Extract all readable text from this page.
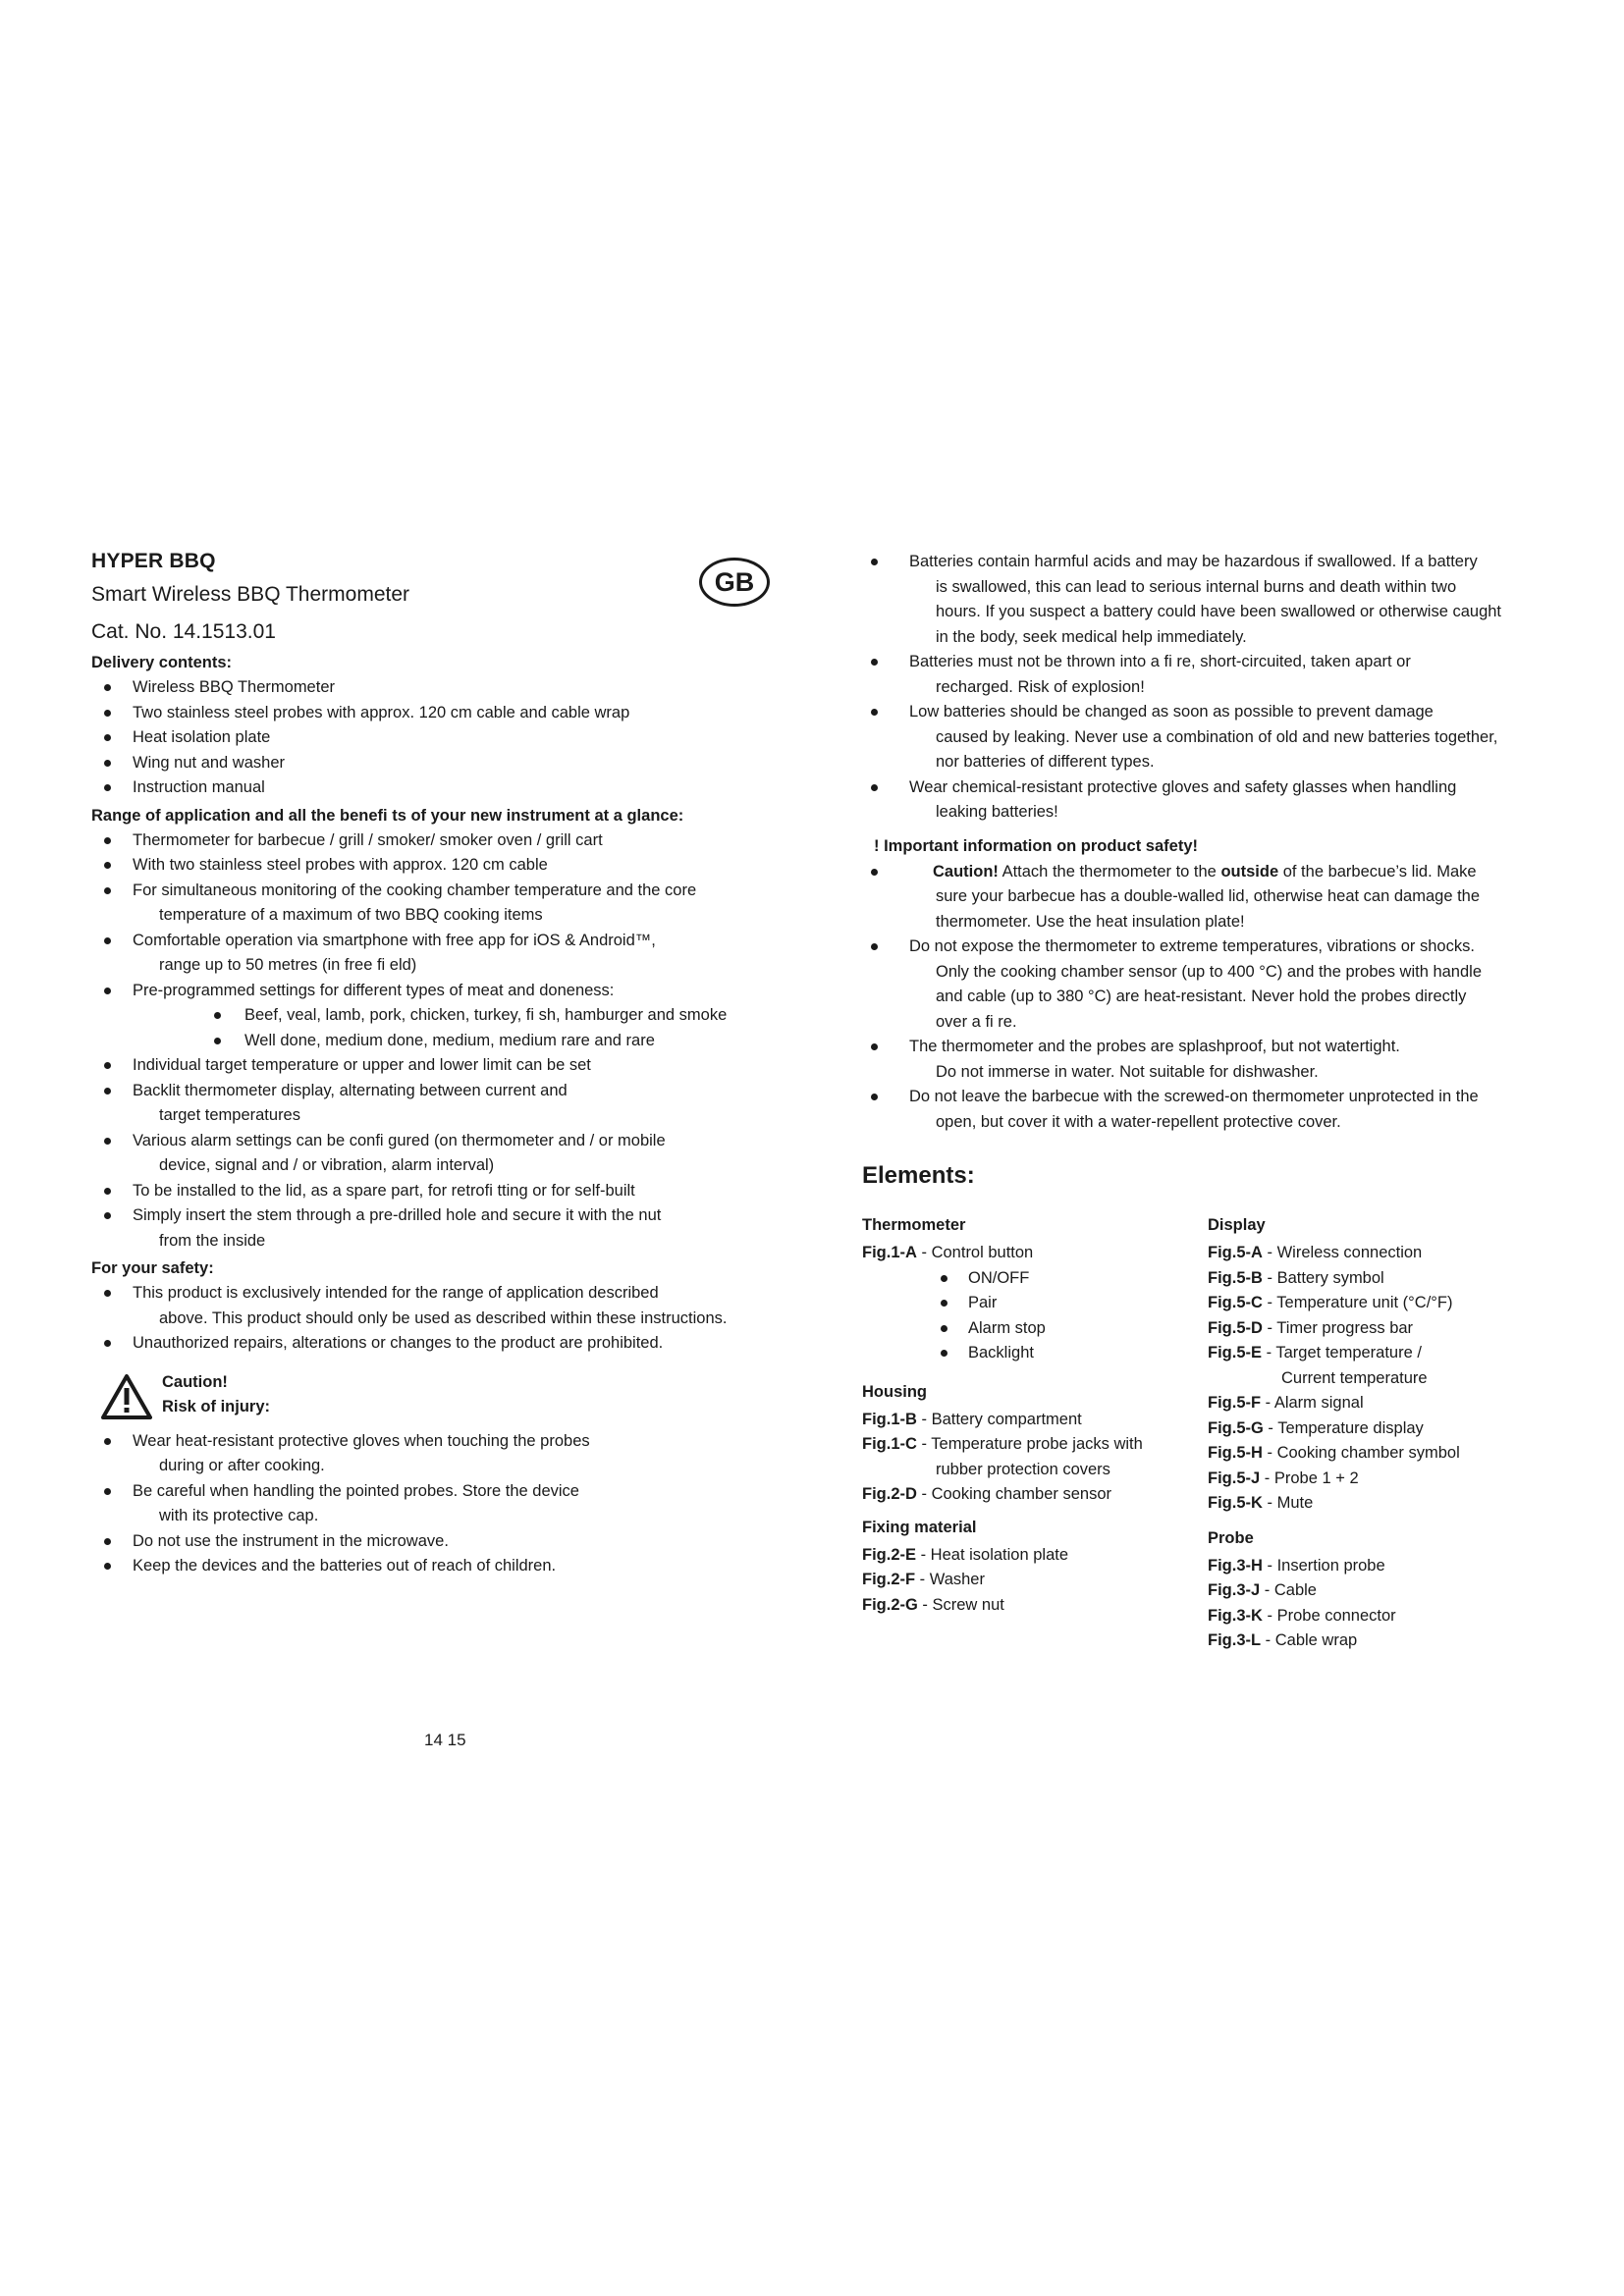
GB
HYPER BBQ
Smart Wireless BBQ Thermometer
Cat. No. 14.1513.01
Delivery contents:
Wireless BBQ Thermometer
Two stainless steel probes with approx. 120 cm cable and cable wrap
Heat isolation plate
Wing nut and washer
Instruction manual
Range of application and all the benefi ts of your new instrument at a glance:
Thermometer for barbecue / grill / smoker/ smoker oven / grill cart
With two stainless steel probes with approx. 120 cm cable
For simultaneous monitoring of the cooking chamber temperature and the core
temperature of a maximum of two BBQ cooking items
Comfortable operation via smartphone with free app for iOS & Android™,
range up to 50 metres (in free fi eld)
Pre-programmed settings for different types of meat and doneness:
Beef, veal, lamb, pork, chicken, turkey, fi sh, hamburger and smoke
Well done, medium done, medium, medium rare and rare
Individual target temperature or upper and lower limit can be set
Backlit thermometer display, alternating between current and
target temperatures
Various alarm settings can be confi gured (on thermometer and / or mobile
device, signal and / or vibration, alarm interval)
To be installed to the lid, as a spare part, for retrofi tting or for self-built
Simply insert the stem through a pre-drilled hole and secure it with the nut
from the inside
For your safety:
This product is exclusively intended for the range of application described
above. This product should only be used as described within these instructions.
Unauthorized repairs, alterations or changes to the product are prohibited.
Caution!
Risk of injury:
Wear heat-resistant protective gloves when touching the probes
during or after cooking.
Be careful when handling the pointed probes. Store the device
with its protective cap.
Do not use the instrument in the microwave.
Keep the devices and the batteries out of reach of children.
Batteries contain harmful acids and may be hazardous if swallowed. If a battery
is swallowed, this can lead to serious internal burns and death within two
hours. If you suspect a battery could have been swallowed or otherwise caught
in the body, seek medical help immediately.
Batteries must not be thrown into a fi re, short-circuited, taken apart or
recharged. Risk of explosion!
Low batteries should be changed as soon as possible to prevent damage
caused by leaking. Never use a combination of old and new batteries together,
nor batteries of different types.
Wear chemical-resistant protective gloves and safety glasses when handling
leaking batteries!
! Important information on product safety!
Caution! Attach the thermometer to the outside of the barbecue’s lid. Make
sure your barbecue has a double-walled lid, otherwise heat can damage the
thermometer. Use the heat insulation plate!
Do not expose the thermometer to extreme temperatures, vibrations or shocks.
Only the cooking chamber sensor (up to 400 °C) and the probes with handle
and cable (up to 380 °C) are heat-resistant. Never hold the probes directly
over a fi re.
The thermometer and the probes are splashproof, but not watertight.
Do not immerse in water. Not suitable for dishwasher.
Do not leave the barbecue with the screwed-on thermometer unprotected in the
open, but cover it with a water-repellent protective cover.
Elements:
Thermometer
Fig.1-A - Control button
ON/OFF
Pair
Alarm stop
Backlight
Housing
Fig.1-B - Battery compartment
Fig.1-C - Temperature probe jacks with
rubber protection covers
Fig.2-D - Cooking chamber sensor
Fixing material
Fig.2-E - Heat isolation plate
Fig.2-F - Washer
Fig.2-G - Screw nut
Display
Fig.5-A - Wireless connection
Fig.5-B - Battery symbol
Fig.5-C - Temperature unit (°C/°F)
Fig.5-D - Timer progress bar
Fig.5-E - Target temperature /
Current temperature
Fig.5-F - Alarm signal
Fig.5-G - Temperature display
Fig.5-H - Cooking chamber symbol
Fig.5-J - Probe 1 + 2
Fig.5-K - Mute
Probe
Fig.3-H - Insertion probe
Fig.3-J - Cable
Fig.3-K - Probe connector
Fig.3-L - Cable wrap
14 15
